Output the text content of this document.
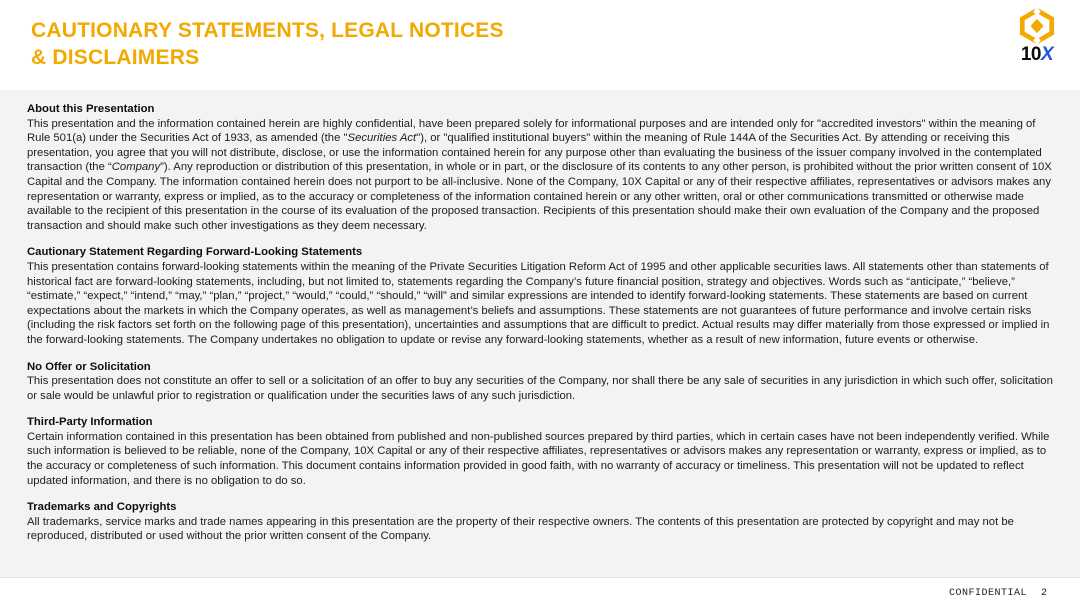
CAUTIONARY STATEMENTS, LEGAL NOTICES
& DISCLAIMERS	10X
About this Presentation

This presentation and the information contained herein are highly confidential, have been prepared solely for informational purposes and are intended only for "accredited investors" within the meaning of Rule 501(a) under the Securities Act of 1933, as amended (the "Securities Act"), or "qualified institutional buyers" within the meaning of Rule 144A of the Securities Act. By attending or receiving this presentation, you agree that you will not distribute, disclose, or use the information contained herein for any purpose other than evaluating the business of the issuer company involved in the contemplated transaction (the “Company”). Any reproduction or distribution of this presentation, in whole or in part, or the disclosure of its contents to any other person, is prohibited without the prior written consent of 10X Capital and the Company. The information contained herein does not purport to be all-inclusive. None of the Company, 10X Capital or any of their respective affiliates, representatives or advisors makes any representation or warranty, express or implied, as to the accuracy or completeness of the information contained herein or any other written, oral or other communications transmitted or otherwise made available to the recipient of this presentation in the course of its evaluation of the proposed transaction. Recipients of this presentation should make their own evaluation of the Company and the proposed transaction and should make such other investigations as they deem necessary.

Cautionary Statement Regarding Forward-Looking Statements

This presentation contains forward-looking statements within the meaning of the Private Securities Litigation Reform Act of 1995 and other applicable securities laws. All statements other than statements of historical fact are forward-looking statements, including, but not limited to, statements regarding the Company’s future financial position, strategy and objectives. Words such as “anticipate,” “believe,” “estimate,” “expect,” “intend,” “may,” “plan,” “project,” “would,” “could,” “should,” “will” and similar expressions are intended to identify forward-looking statements. These statements are based on current expectations about the markets in which the Company operates, as well as management’s beliefs and assumptions. These statements are not guarantees of future performance and involve certain risks (including the risk factors set forth on the following page of this presentation), uncertainties and assumptions that are difficult to predict. Actual results may differ materially from those expressed or implied in the forward-looking statements. The Company undertakes no obligation to update or revise any forward-looking statements, whether as a result of new information, future events or otherwise.

No Offer or Solicitation

This presentation does not constitute an offer to sell or a solicitation of an offer to buy any securities of the Company, nor shall there be any sale of securities in any jurisdiction in which such offer, solicitation or sale would be unlawful prior to registration or qualification under the securities laws of any such jurisdiction.

Third-Party Information

Certain information contained in this presentation has been obtained from published and non-published sources prepared by third parties, which in certain cases have not been independently verified. While such information is believed to be reliable, none of the Company, 10X Capital or any of their respective affiliates, representatives or advisors makes any representation or warranty, express or implied, as to the accuracy or completeness of such information. This document contains information provided in good faith, with no warranty of accuracy or timeliness. This presentation will not be updated to reflect updated information, and there is no obligation to do so.

Trademarks and Copyrights

All trademarks, service marks and trade names appearing in this presentation are the property of their respective owners. The contents of this presentation are protected by copyright and may not be reproduced, distributed or used without the prior written consent of the Company.

CONFIDENTIAL 2
